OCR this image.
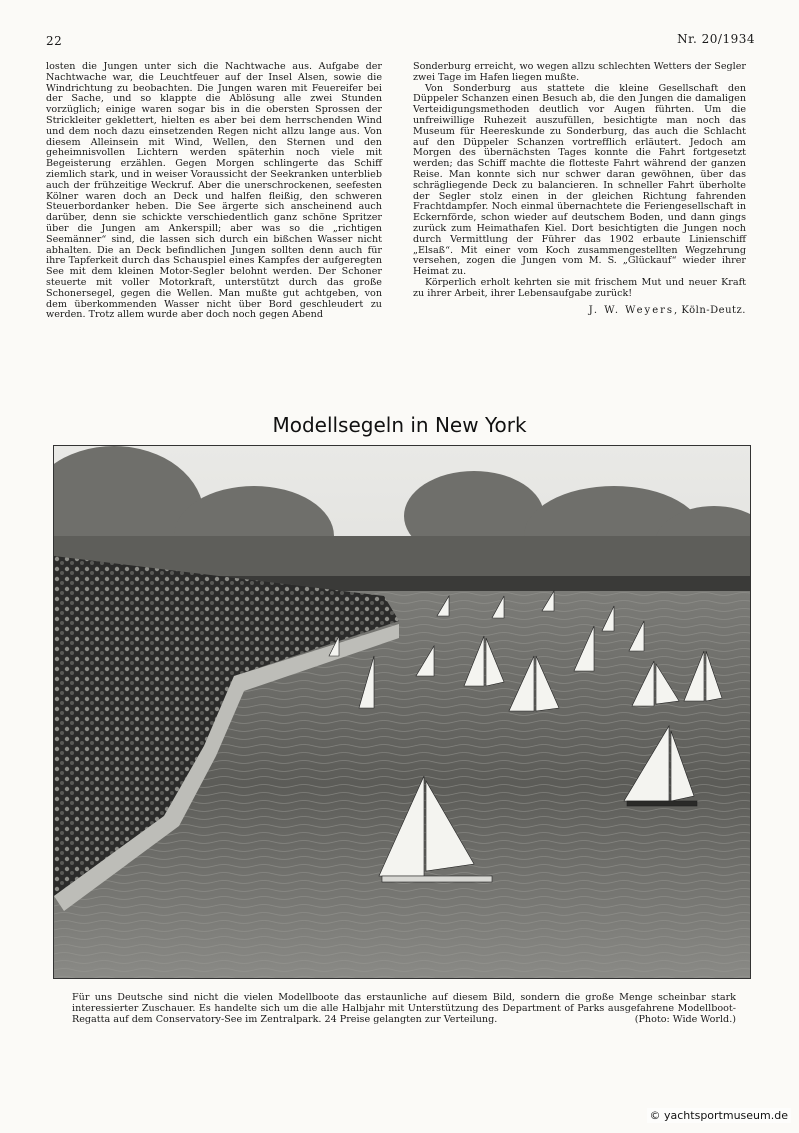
22	Nr. 20/1934

losten die Jungen unter sich die Nachtwache aus. Aufgabe der Nachtwache war, die Leuchtfeuer auf der Insel Alsen, sowie die Windrichtung zu beobachten. Die Jungen waren mit Feuereifer bei der Sache, und so klappte die Ablösung alle zwei Stunden vorzüglich; einige waren sogar bis in die obersten Sprossen der Strickleiter geklettert, hielten es aber bei dem herrschenden Wind und dem noch dazu einsetzenden Regen nicht allzu lange aus. Von diesem Alleinsein mit Wind, Wellen, den Sternen und den geheimnisvollen Lichtern werden späterhin noch viele mit Begeisterung erzählen. Gegen Morgen schlingerte das Schiff ziemlich stark, und in weiser Voraussicht der Seekranken unterblieb auch der frühzeitige Weckruf. Aber die unerschrockenen, seefesten Kölner waren doch an Deck und halfen fleißig, den schweren Steuerbordanker heben. Die See ärgerte sich anscheinend auch darüber, denn sie schickte verschiedentlich ganz schöne Spritzer über die Jungen am Ankerspill; aber was so die „richtigen Seemänner“ sind, die lassen sich durch ein bißchen Wasser nicht abhalten. Die an Deck befindlichen Jungen sollten denn auch für ihre Tapferkeit durch das Schauspiel eines Kampfes der aufgeregten See mit dem kleinen Motor-Segler belohnt werden. Der Schoner steuerte mit voller Motorkraft, unterstützt durch das große Schonersegel, gegen die Wellen. Man mußte gut achtgeben, von dem überkommenden Wasser nicht über Bord geschleudert zu werden. Trotz allem wurde aber doch noch gegen Abend

Sonderburg erreicht, wo wegen allzu schlechten Wetters der Segler zwei Tage im Hafen liegen mußte.

Von Sonderburg aus stattete die kleine Gesellschaft den Düppeler Schanzen einen Besuch ab, die den Jungen die damaligen Verteidigungsmethoden deutlich vor Augen führten. Um die unfreiwillige Ruhezeit auszufüllen, besichtigte man noch das Museum für Heereskunde zu Sonderburg, das auch die Schlacht auf den Düppeler Schanzen vortrefflich erläutert. Jedoch am Morgen des übernächsten Tages konnte die Fahrt fortgesetzt werden; das Schiff machte die flotteste Fahrt während der ganzen Reise. Man konnte sich nur schwer daran gewöhnen, über das schrägliegende Deck zu balancieren. In schneller Fahrt überholte der Segler stolz einen in der gleichen Richtung fahrenden Frachtdampfer. Noch einmal übernachtete die Feriengesellschaft in Eckernförde, schon wieder auf deutschem Boden, und dann gings zurück zum Heimathafen Kiel. Dort besichtigten die Jungen noch durch Vermittlung der Führer das 1902 erbaute Linienschiff „Elsaß“. Mit einer vom Koch zusammengestellten Wegzehrung versehen, zogen die Jungen vom M. S. „Glückauf“ wieder ihrer Heimat zu.

Körperlich erholt kehrten sie mit frischem Mut und neuer Kraft zu ihrer Arbeit, ihrer Lebensaufgabe zurück!

J. W. Weyers, Köln-Deutz.
Modellsegeln in New York
Für uns Deutsche sind nicht die vielen Modellboote das erstaunliche auf diesem Bild, sondern die große Menge scheinbar stark interessierter Zuschauer. Es handelte sich um die alle Halbjahr mit Unterstützung des Department of Parks ausgefahrene Modellboot-Regatta auf dem Conservatory-See im Zentralpark. 24 Preise gelangten zur Verteilung.	(Photo: Wide World.)
© yachtsportmuseum.de
